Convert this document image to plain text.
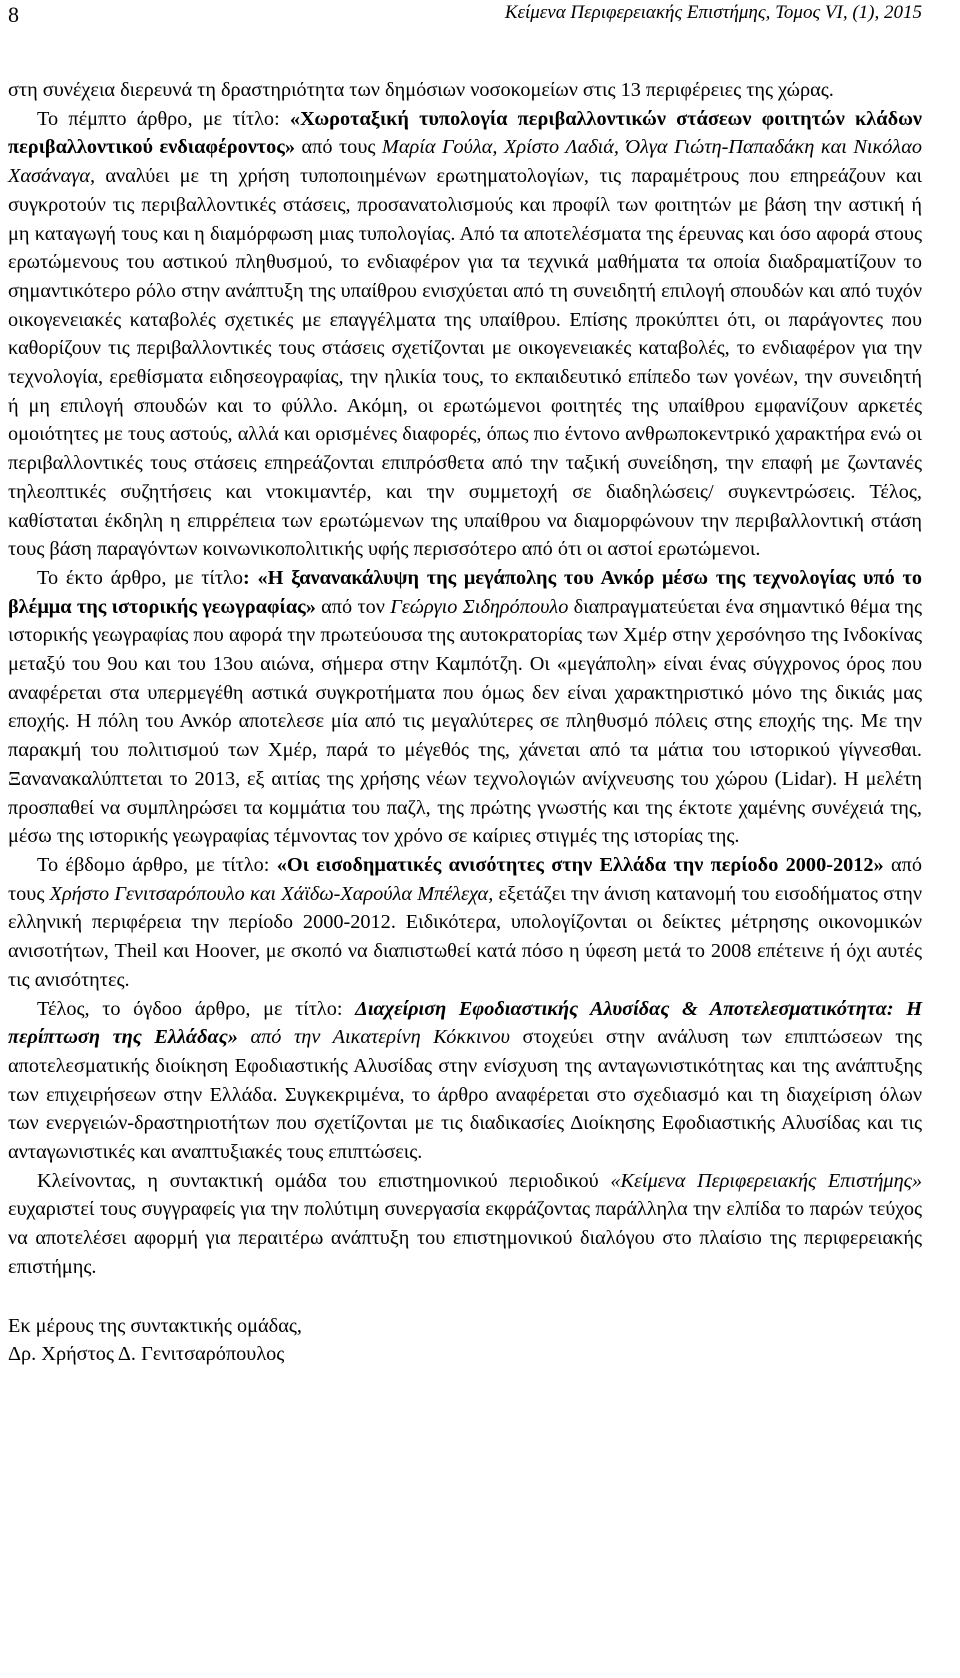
8	Κείμενα Περιφερειακής Επιστήμης, Τομος VI, (1), 2015

στη συνέχεια διερευνά τη δραστηριότητα των δημόσιων νοσοκομείων στις 13 περιφέρειες της χώρας.

Το πέμπτο άρθρο, με τίτλο: «Χωροταξική τυπολογία περιβαλλοντικών στάσεων φοιτητών κλάδων περιβαλλοντικού ενδιαφέροντος» από τους Μαρία Γούλα, Χρίστο Λαδιά, Όλγα Γιώτη-Παπαδάκη και Νικόλαο Χασάναγα, αναλύει με τη χρήση τυποποιημένων ερωτηματολογίων, τις παραμέτρους που επηρεάζουν και συγκροτούν τις περιβαλλοντικές στάσεις, προσανατολισμούς και προφίλ των φοιτητών με βάση την αστική ή μη καταγωγή τους και η διαμόρφωση μιας τυπολογίας. Από τα αποτελέσματα της έρευνας και όσο αφορά στους ερωτώμενους του αστικού πληθυσμού, το ενδιαφέρον για τα τεχνικά μαθήματα τα οποία διαδραματίζουν το σημαντικότερο ρόλο στην ανάπτυξη της υπαίθρου ενισχύεται από τη συνειδητή επιλογή σπουδών και από τυχόν οικογενειακές καταβολές σχετικές με επαγγέλματα της υπαίθρου. Επίσης προκύπτει ότι, οι παράγοντες που καθορίζουν τις περιβαλλοντικές τους στάσεις σχετίζονται με οικογενειακές καταβολές, το ενδιαφέρον για την τεχνολογία, ερεθίσματα ειδησεογραφίας, την ηλικία τους, το εκπαιδευτικό επίπεδο των γονέων, την συνειδητή ή μη επιλογή σπουδών και το φύλλο. Ακόμη, οι ερωτώμενοι φοιτητές της υπαίθρου εμφανίζουν αρκετές ομοιότητες με τους αστούς, αλλά και ορισμένες διαφορές, όπως πιο έντονο ανθρωποκεντρικό χαρακτήρα ενώ οι περιβαλλοντικές τους στάσεις επηρεάζονται επιπρόσθετα από την ταξική συνείδηση, την επαφή με ζωντανές τηλεοπτικές συζητήσεις και ντοκιμαντέρ, και την συμμετοχή σε διαδηλώσεις/ συγκεντρώσεις. Τέλος, καθίσταται έκδηλη η επιρρέπεια των ερωτώμενων της υπαίθρου να διαμορφώνουν την περιβαλλοντική στάση τους βάση παραγόντων κοινωνικοπολιτικής υφής περισσότερο από ότι οι αστοί ερωτώμενοι.

Το έκτο άρθρο, με τίτλο: «Η ξανανακάλυψη της μεγάπολης του Ανκόρ μέσω της τεχνολογίας υπό το βλέμμα της ιστορικής γεωγραφίας» από τον Γεώργιο Σιδηρόπουλο διαπραγματεύεται ένα σημαντικό θέμα της ιστορικής γεωγραφίας που αφορά την πρωτεύουσα της αυτοκρατορίας των Χμέρ στην χερσόνησο της Ινδοκίνας μεταξύ του 9ου και του 13ου αιώνα, σήμερα στην Καμπότζη. Οι «μεγάπολη» είναι ένας σύγχρονος όρος που αναφέρεται στα υπερμεγέθη αστικά συγκροτήματα που όμως δεν είναι χαρακτηριστικό μόνο της δικιάς μας εποχής. Η πόλη του Ανκόρ αποτελεσε μία από τις μεγαλύτερες σε πληθυσμό πόλεις στης εποχής της. Με την παρακμή του πολιτισμού των Χμέρ, παρά το μέγεθός της, χάνεται από τα μάτια του ιστορικού γίγνεσθαι. Ξανανακαλύπτεται το 2013, εξ αιτίας της χρήσης νέων τεχνολογιών ανίχνευσης του χώρου (Lidar). Η μελέτη προσπαθεί να συμπληρώσει τα κομμάτια του παζλ, της πρώτης γνωστής και της έκτοτε χαμένης συνέχειά της, μέσω της ιστορικής γεωγραφίας τέμνοντας τον χρόνο σε καίριες στιγμές της ιστορίας της.

Το έβδομο άρθρο, με τίτλο: «Οι εισοδηματικές ανισότητες στην Ελλάδα την περίοδο 2000-2012» από τους Χρήστο Γενιτσαρόπουλο και Χάϊδω-Χαρούλα Μπέλεχα, εξετάζει την άνιση κατανομή του εισοδήματος στην ελληνική περιφέρεια την περίοδο 2000-2012. Ειδικότερα, υπολογίζονται οι δείκτες μέτρησης οικονομικών ανισοτήτων, Theil και Hoover, με σκοπό να διαπιστωθεί κατά πόσο η ύφεση μετά το 2008 επέτεινε ή όχι αυτές τις ανισότητες.

Τέλος, το όγδοο άρθρο, με τίτλο: Διαχείριση Εφοδιαστικής Αλυσίδας & Αποτελεσματικότητα: Η περίπτωση της Ελλάδας» από την Αικατερίνη Κόκκινου στοχεύει στην ανάλυση των επιπτώσεων της αποτελεσματικής διοίκηση Εφοδιαστικής Αλυσίδας στην ενίσχυση της ανταγωνιστικότητας και της ανάπτυξης των επιχειρήσεων στην Ελλάδα. Συγκεκριμένα, το άρθρο αναφέρεται στο σχεδιασμό και τη διαχείριση όλων των ενεργειών-δραστηριοτήτων που σχετίζονται με τις διαδικασίες Διοίκησης Εφοδιαστικής Αλυσίδας και τις ανταγωνιστικές και αναπτυξιακές τους επιπτώσεις.

Κλείνοντας, η συντακτική ομάδα του επιστημονικού περιοδικού «Κείμενα Περιφερειακής Επιστήμης» ευχαριστεί τους συγγραφείς για την πολύτιμη συνεργασία εκφράζοντας παράλληλα την ελπίδα το παρών τεύχος να αποτελέσει αφορμή για περαιτέρω ανάπτυξη του επιστημονικού διαλόγου στο πλαίσιο της περιφερειακής επιστήμης.

Εκ μέρους της συντακτικής ομάδας,
Δρ. Χρήστος Δ. Γενιτσαρόπουλος
